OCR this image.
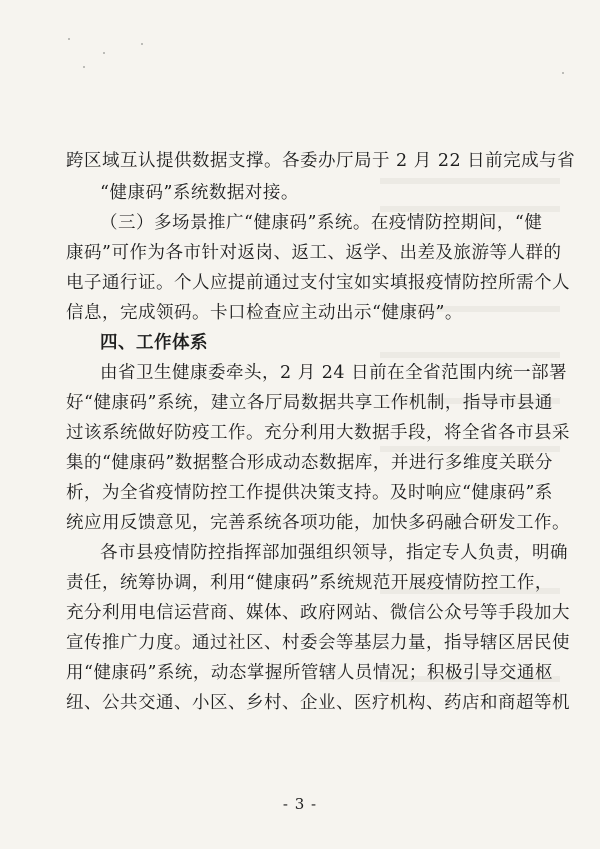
跨区域互认提供数据支撑。各委办厅局于 2 月 22 日前完成与省
“健康码”系统数据对接。
（三）多场景推广“健康码”系统。在疫情防控期间，“健
康码”可作为各市针对返岗、返工、返学、出差及旅游等人群的
电子通行证。个人应提前通过支付宝如实填报疫情防控所需个人
信息，完成领码。卡口检查应主动出示“健康码”。
四、工作体系
由省卫生健康委牵头，2 月 24 日前在全省范围内统一部署
好“健康码”系统，建立各厅局数据共享工作机制，指导市县通
过该系统做好防疫工作。充分利用大数据手段，将全省各市县采
集的“健康码”数据整合形成动态数据库，并进行多维度关联分
析，为全省疫情防控工作提供决策支持。及时响应“健康码”系
统应用反馈意见，完善系统各项功能，加快多码融合研发工作。
各市县疫情防控指挥部加强组织领导，指定专人负责，明确
责任，统筹协调，利用“健康码”系统规范开展疫情防控工作，
充分利用电信运营商、媒体、政府网站、微信公众号等手段加大
宣传推广力度。通过社区、村委会等基层力量，指导辖区居民使
用“健康码”系统，动态掌握所管辖人员情况；积极引导交通枢
纽、公共交通、小区、乡村、企业、医疗机构、药店和商超等机
- 3 -
